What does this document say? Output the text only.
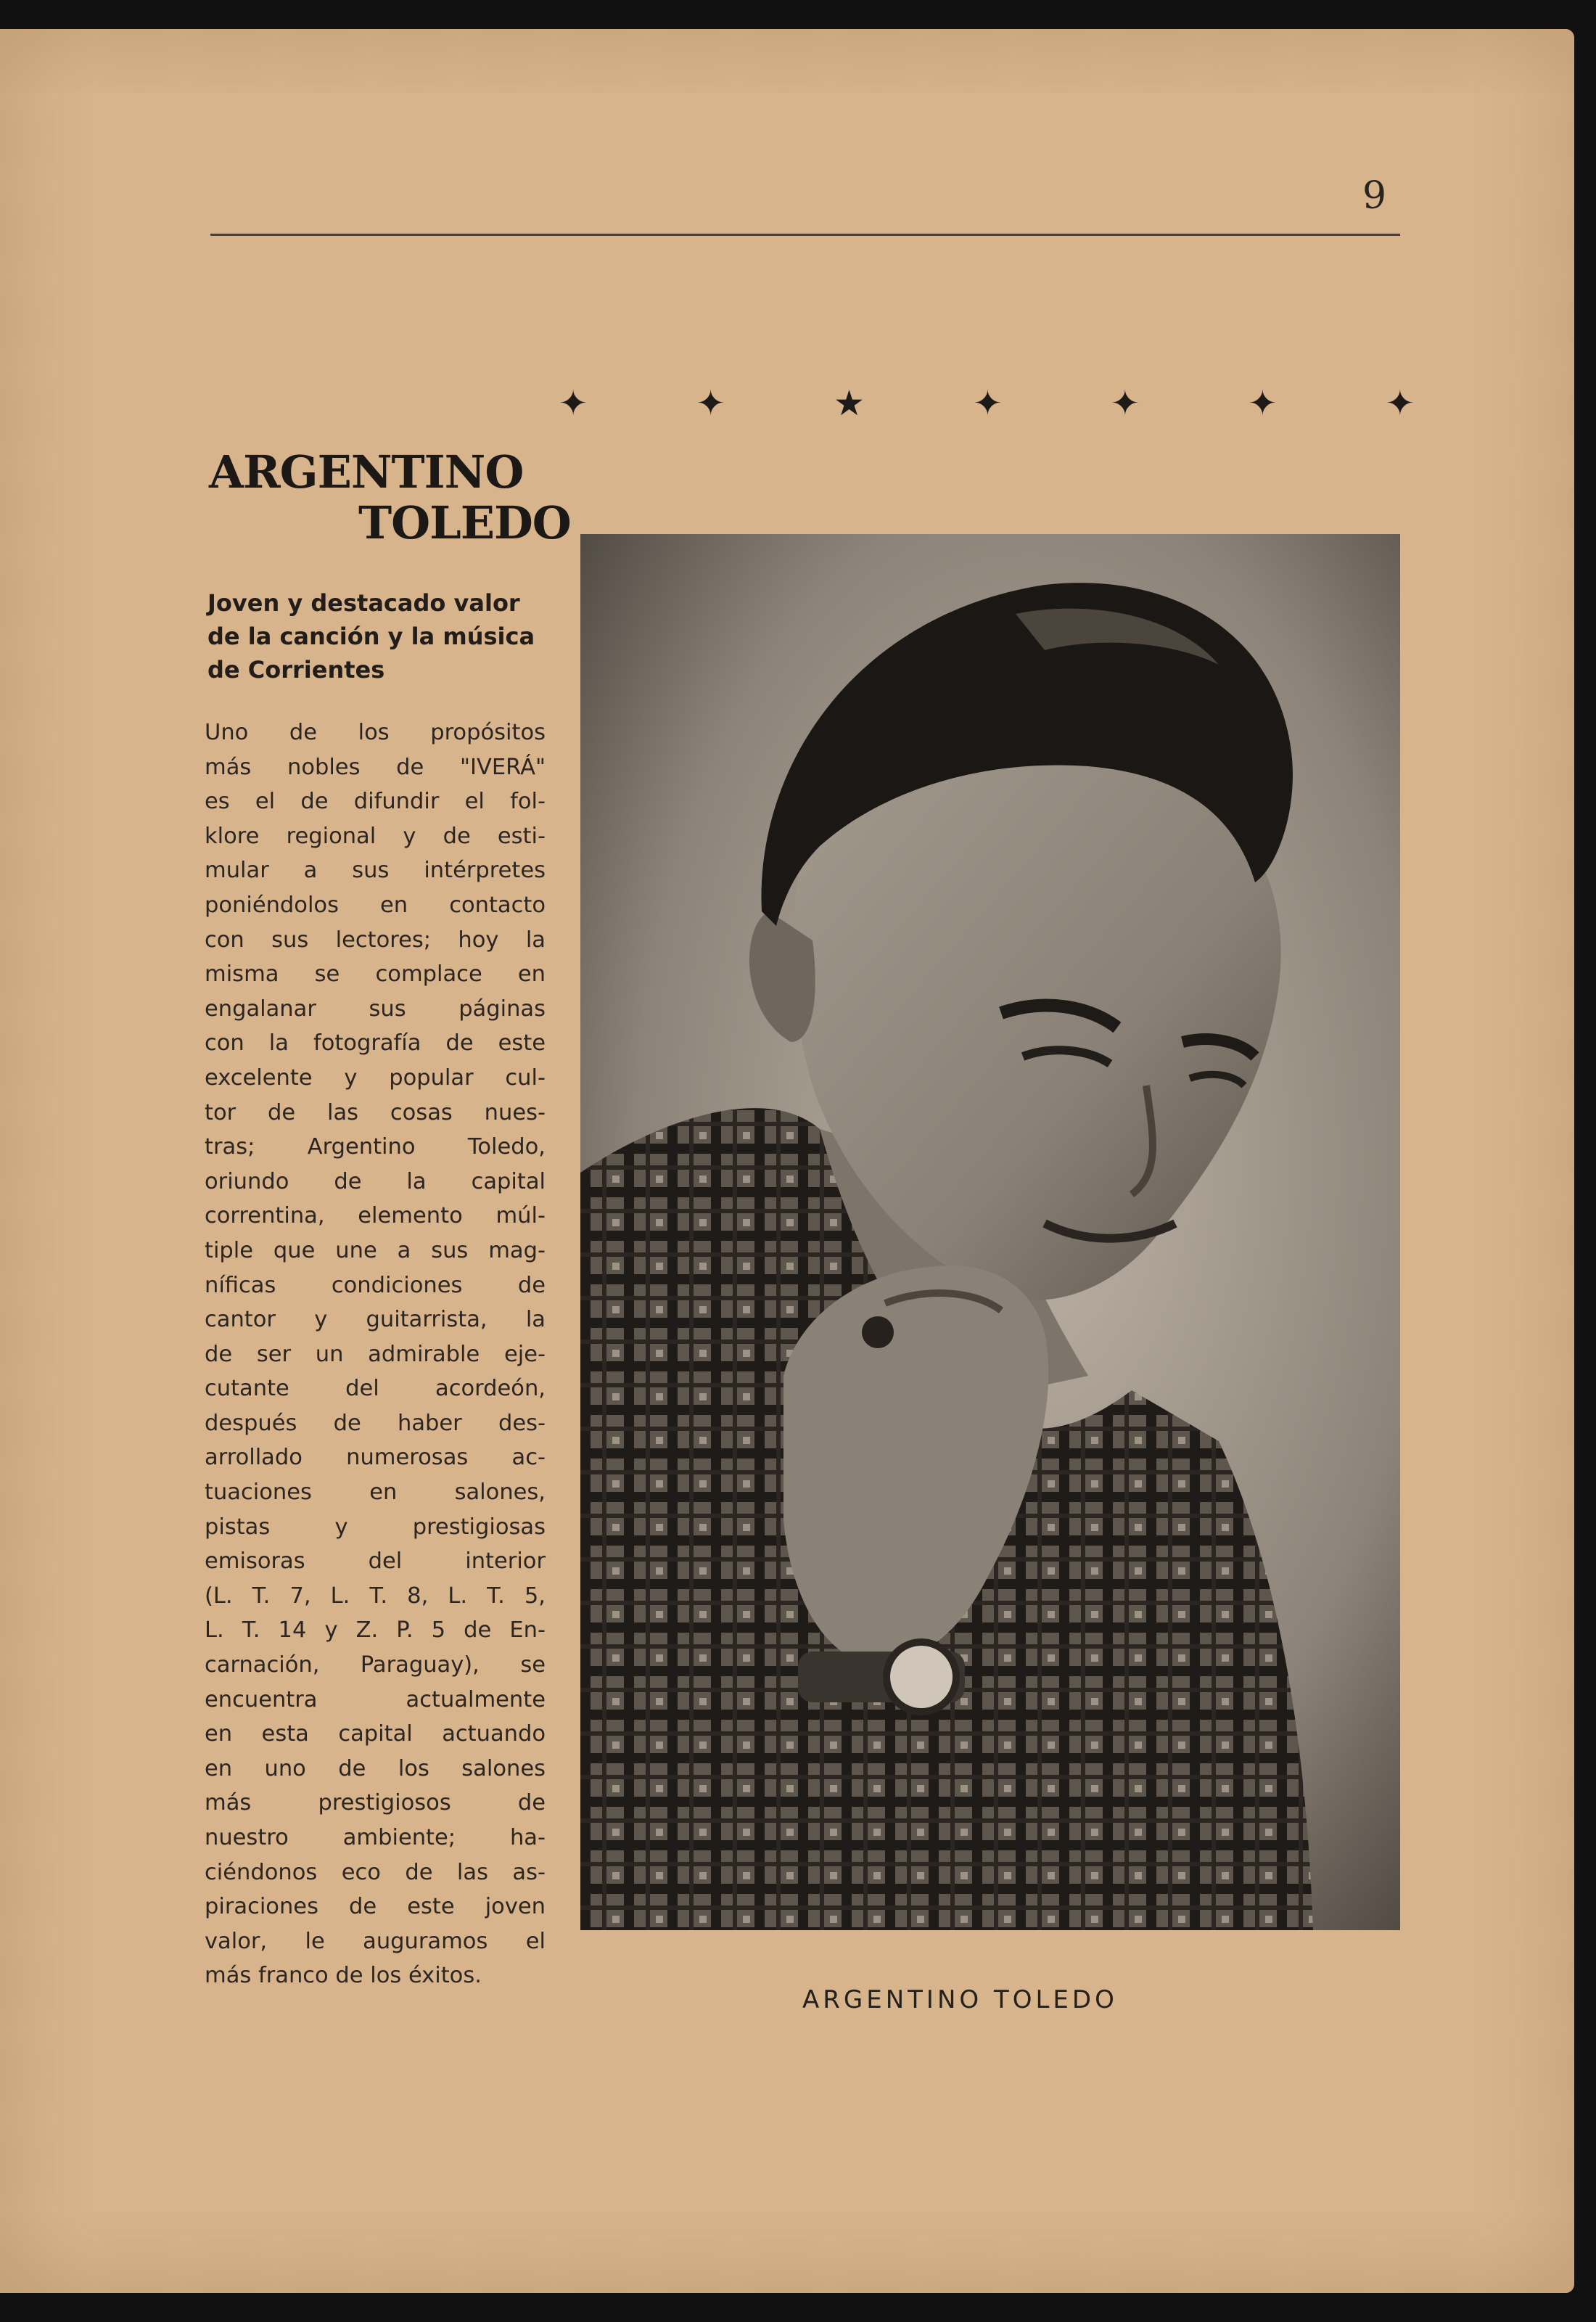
9
✦	✦	★	✦	✦	✦	✦
ARGENTINO
TOLEDO
Joven y destacado valor de la canción y la música de Corrientes
Uno de los propósitos
más nobles de "IVERÁ"
es el de difundir el fol-
klore regional y de esti-
mular a sus intérpretes
poniéndolos en contacto
con sus lectores; hoy la
misma se complace en
engalanar sus páginas
con la fotografía de este
excelente y popular cul-
tor de las cosas nues-
tras; Argentino Toledo,
oriundo de la capital
correntina, elemento múl-
tiple que une a sus mag-
níficas condiciones de
cantor y guitarrista, la
de ser un admirable eje-
cutante del acordeón,
después de haber des-
arrollado numerosas ac-
tuaciones en salones,
pistas y prestigiosas
emisoras del interior
(L. T. 7, L. T. 8, L. T. 5,
L. T. 14 y Z. P. 5 de En-
carnación, Paraguay), se
encuentra actualmente
en esta capital actuando
en uno de los salones
más prestigiosos de
nuestro ambiente; ha-
ciéndonos eco de las as-
piraciones de este joven
valor, le auguramos el
más franco de los éxitos.
ARGENTINO TOLEDO
